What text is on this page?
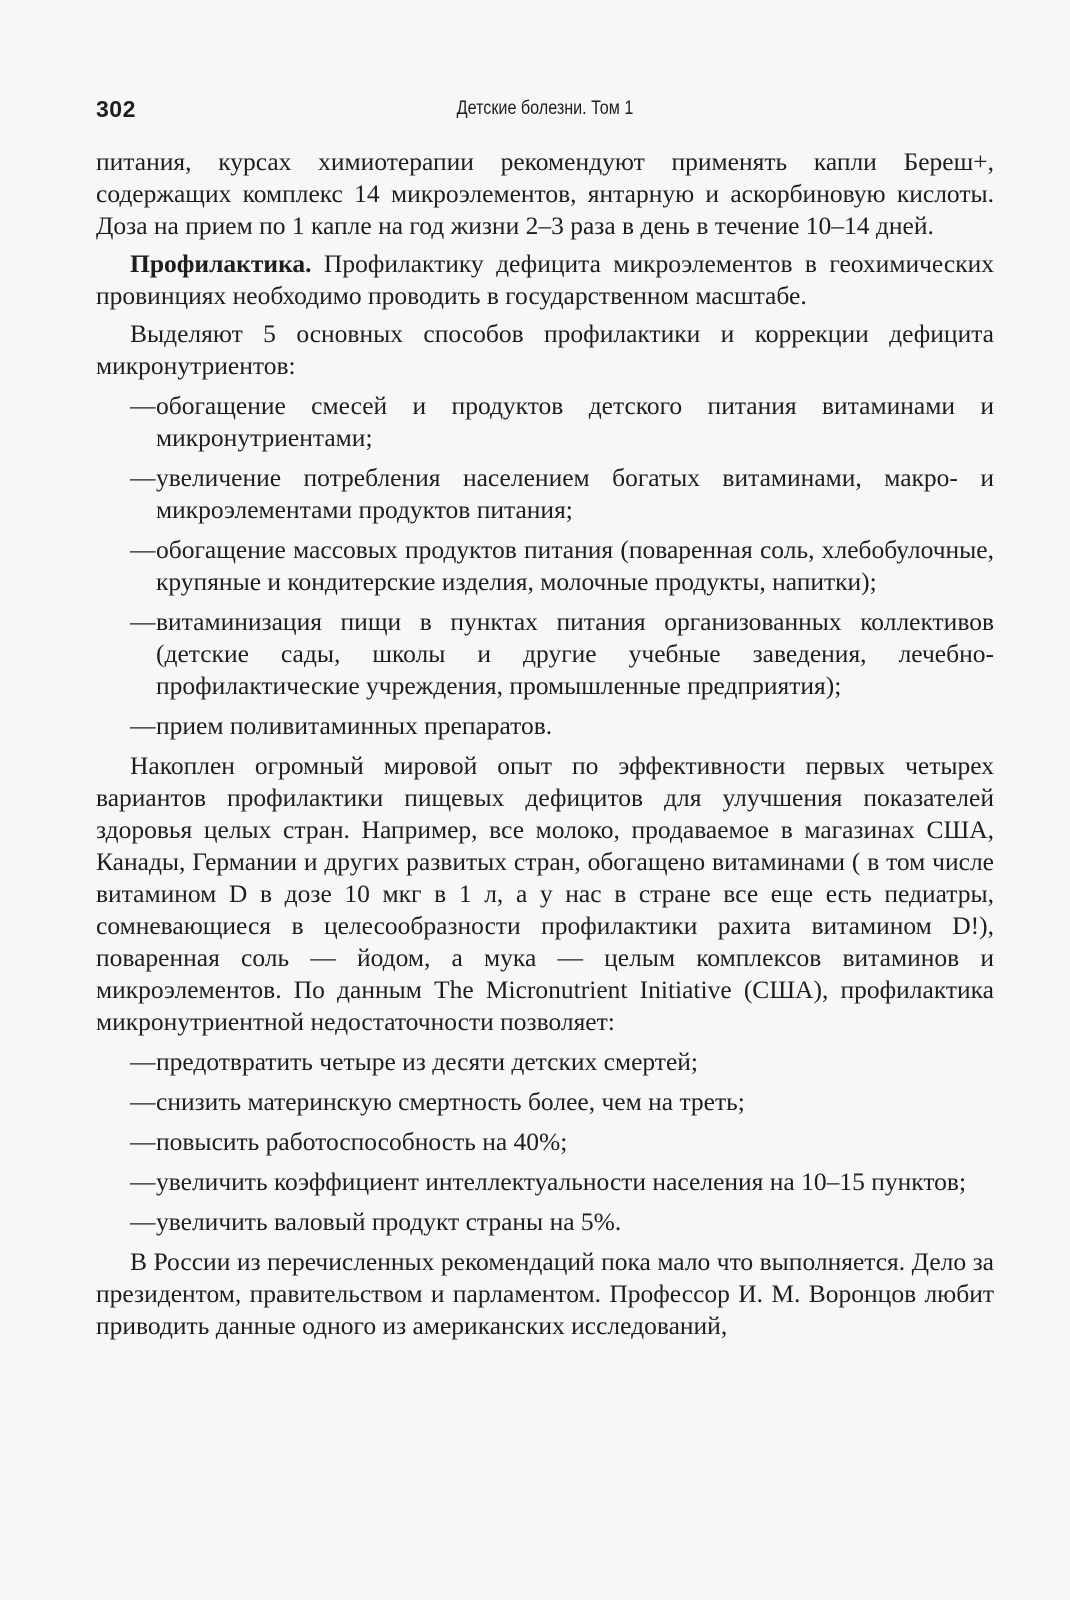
302	Детские болезни. Том 1

питания, курсах химиотерапии рекомендуют применять капли Береш+, содержащих комплекс 14 микроэлементов, янтарную и аскорбиновую кислоты. Доза на прием по 1 капле на год жизни 2–3 раза в день в течение 10–14 дней.

Профилактика. Профилактику дефицита микроэлементов в геохимических провинциях необходимо проводить в государственном масштабе.

Выделяют 5 основных способов профилактики и коррекции дефицита микронутриентов:

— обогащение смесей и продуктов детского питания витаминами и микронутриентами;
— увеличение потребления населением богатых витаминами, макро- и микроэлементами продуктов питания;
— обогащение массовых продуктов питания (поваренная соль, хлебобулочные, крупяные и кондитерские изделия, молочные продукты, напитки);
— витаминизация пищи в пунктах питания организованных коллективов (детские сады, школы и другие учебные заведения, лечебно-профилактические учреждения, промышленные предприятия);
— прием поливитаминных препаратов.

Накоплен огромный мировой опыт по эффективности первых четырех вариантов профилактики пищевых дефицитов для улучшения показателей здоровья целых стран. Например, все молоко, продаваемое в магазинах США, Канады, Германии и других развитых стран, обогащено витаминами ( в том числе витамином D в дозе 10 мкг в 1 л, а у нас в стране все еще есть педиатры, сомневающиеся в целесообразности профилактики рахита витамином D!), поваренная соль — йодом, а мука — целым комплексов витаминов и микроэлементов. По данным The Micronutrient Initiative (США), профилактика микронутриентной недостаточности позволяет:

— предотвратить четыре из десяти детских смертей;
— снизить материнскую смертность более, чем на треть;
— повысить работоспособность на 40%;
— увеличить коэффициент интеллектуальности населения на 10–15 пунктов;
— увеличить валовый продукт страны на 5%.

В России из перечисленных рекомендаций пока мало что выполняется. Дело за президентом, правительством и парламентом. Профессор И. М. Воронцов любит приводить данные одного из американских исследований,
